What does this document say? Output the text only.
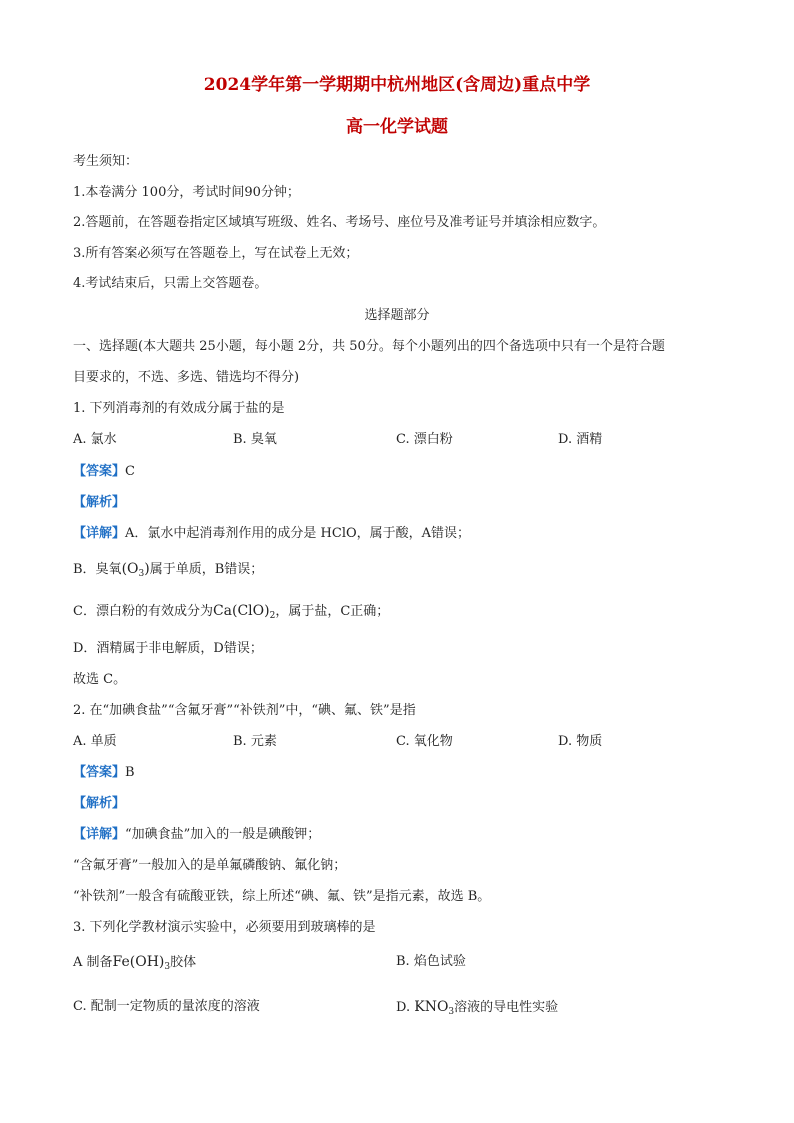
2024学年第一学期期中杭州地区(含周边)重点中学
高一化学试题
考生须知：
1.本卷满分 100分，考试时间90分钟；
2.答题前，在答题卷指定区域填写班级、姓名、考场号、座位号及准考证号并填涂相应数字。
3.所有答案必须写在答题卷上，写在试卷上无效；
4.考试结束后，只需上交答题卷。
选择题部分
一、选择题(本大题共 25小题，每小题 2分，共 50分。每个小题列出的四个备选项中只有一个是符合题
目要求的，不选、多选、错选均不得分)
1. 下列消毒剂的有效成分属于盐的是
A. 氯水	B. 臭氧	C. 漂白粉	D. 酒精
【答案】C
【解析】
【详解】A．氯水中起消毒剂作用的成分是 HClO，属于酸，A错误；
B．臭氧$(O_3)$属于单质，B错误；
C．漂白粉的有效成分为$Ca(ClO)_2$，属于盐，C正确；
D．酒精属于非电解质，D错误；
故选 C。
2. 在“加碘食盐”“含氟牙膏”“补铁剂”中，“碘、氟、铁”是指
A. 单质	B. 元素	C. 氧化物	D. 物质
【答案】B
【解析】
【详解】“加碘食盐”加入的一般是碘酸钾；
“含氟牙膏”一般加入的是单氟磷酸钠、氟化钠；
“补铁剂”一般含有硫酸亚铁，综上所述“碘、氟、铁”是指元素，故选 B。
3. 下列化学教材演示实验中，必须要用到玻璃棒的是
A 制备$Fe(OH)_3$胶体	B. 焰色试验
C. 配制一定物质的量浓度的溶液	D. $KNO_3$溶液的导电性实验
